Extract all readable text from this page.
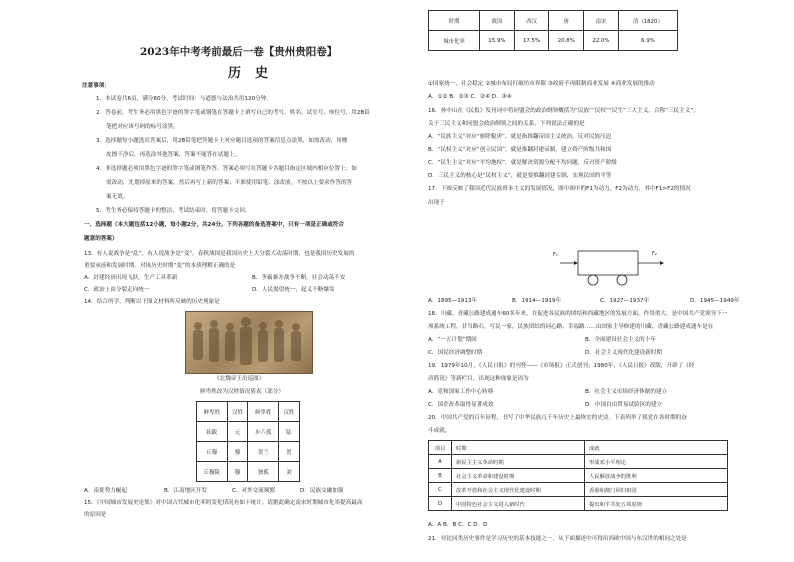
2023年中考考前最后一卷【贵州贵阳卷】
历史
注意事项：
1．本试卷共6页，满分60分，考试时间：与道德与法治共用120分钟。
2．答卷前，考生务必用黑色字迹的签字笔或钢笔在答题卡上填写自己的考号、姓名、试室号、座位号，用2B铅
笔把对应该号码的标号涂黑。
3．选择题每小题选出答案后，用2B铅笔把答题卡上对应题目选项的答案信息点涂黑，如需改动，用橡
皮擦干净后，再选涂其他答案，答案不能答在试题上。
4．非选择题必须用黑色字迹的签字笔或钢笔作答，答案必须写在答题卡各题目指定区域内相应位置上；如
需改动，先划掉原来的答案，然后再写上新的答案；不准使用铅笔、涂改液。不按以上要求作答的答
案无效。
5．考生务必保持答题卡的整洁，考试结束时，将答题卡交回。
一、选择题（本大题包括12小题，每小题2分，共24分。下列各题的备选答案中，只有一项是正确或符合
题意的答案）
13．有人说战争是“乱”，有人说战争是“变”。春秋战国是我国历史上大分裂大动荡时期，也是我国历史发展的
重要承前和发展时期。对该历史时期“变”的本质理解正确的是
A．封建经济出现飞跃，生产工具革新	B．争霸兼并战争不断，社会动荡不安
C．政治上由分裂走向统一	D．人民渴望统一，起义不断爆发
14．结合所学，判断以下图文材料所反映的历史现象是
《北魏帝王出巡图》
鲜卑姓改为汉姓情况简表（部分）
鲜卑姓	汉姓	鲜卑姓	汉姓
拓跋	元	步六孤	陆
丘穆	穆	贺兰	贺
丘穆陵	穆	独孤	刘
A．南徙势力崛起	B．江南地区开发	C．对外交流频繁	D．民族交融加强
15．《中国城市发展史论集》对中国古代城市化率的变化情况有如下统计。请据此确定南宋时期城市化率提高最高
的原因是
时期	战国	西汉	唐	南宋	清（1820）
城市化率	15.9%	17.5%	20.8%	22.0%	6.9%
①国家统一，社会稳定 ②城市布局打破坊市界限 ③政府不再限制商业发展 ④商业发展的推动
A．①② B．②③ C．②④ D．③④
16．孙中山在《民报》发刊词中将同盟会的政治纲领概括为“民族”“民权”“民生”三大主义，合称“三民主义”。
关于三民主义和同盟会政治纲领之间的关系，下列说法正确的是
A．“民族主义”对应“驱除鞑虏”，就是指推翻帝国主义统治，反对民族压迫
B．“民权主义”对应“创立民国”，就是推翻封建帝制，建立资产阶级共和国
C．“民生主义”对应“平均地权”，就是解决资源分配不均问题，反对资产阶级
D．三民主义的核心是“民权主义”，就是要推翻封建专制，实现民国的平等
17．下图反映了我国近代民族资本主义的发展情况，图中图中的F1为动力，F2为动力，其中F1>F2的情况
出现于
F₁	F₂
A．1895—1913年	B．1914—1919年	C．1927—1937年	D．1945—1949年
18．川藏、青藏公路建成通车60多年来，在促进各民族的团结和西藏地区的发展方面，作用重大，是中国共产党领导下一
项系统工程，甘当路石，写民一家，民族团结的同心路、幸福路……由国家主导修建的川藏、青藏公路建成通车是在
A．“一五计划”期间	B．全面建设社会主义的十年
C．国民经济调整时期	D．社会主义现代化建设新时期
19．1979年10月，《人民日报》的刊登——《市场报》正式创刊；1980年，《人民日报》改版，开辟了《经
济简讯》等新栏目，出现这种现象是因为
A．党和国家工作中心转移	B．社会主义市场经济体制的建立
C．国企改革取得显著成效	D．中国自由贸易试验区的建立
20．中国共产党的百年征程，书写了中华民族几千年历史上最恢宏的史诗。下表列举了我党在各时期的奋
斗成就，
项目	时期	成就
A	新民主主义革命时期	形成邓小平理论
B	社会主义革命和建设时期	人民解放战争的胜利
C	改革开放和社会主义现代化建设时期	香港和澳门回归祖国
D	中国特色社会主义进入新时代	提出和平共处五项原则
A．A B．B C．C D．D
21．对比同类历史事件是学习历史的基本技能之一。从下面描述中可得出西欧中国与东汉世的相同之处是
